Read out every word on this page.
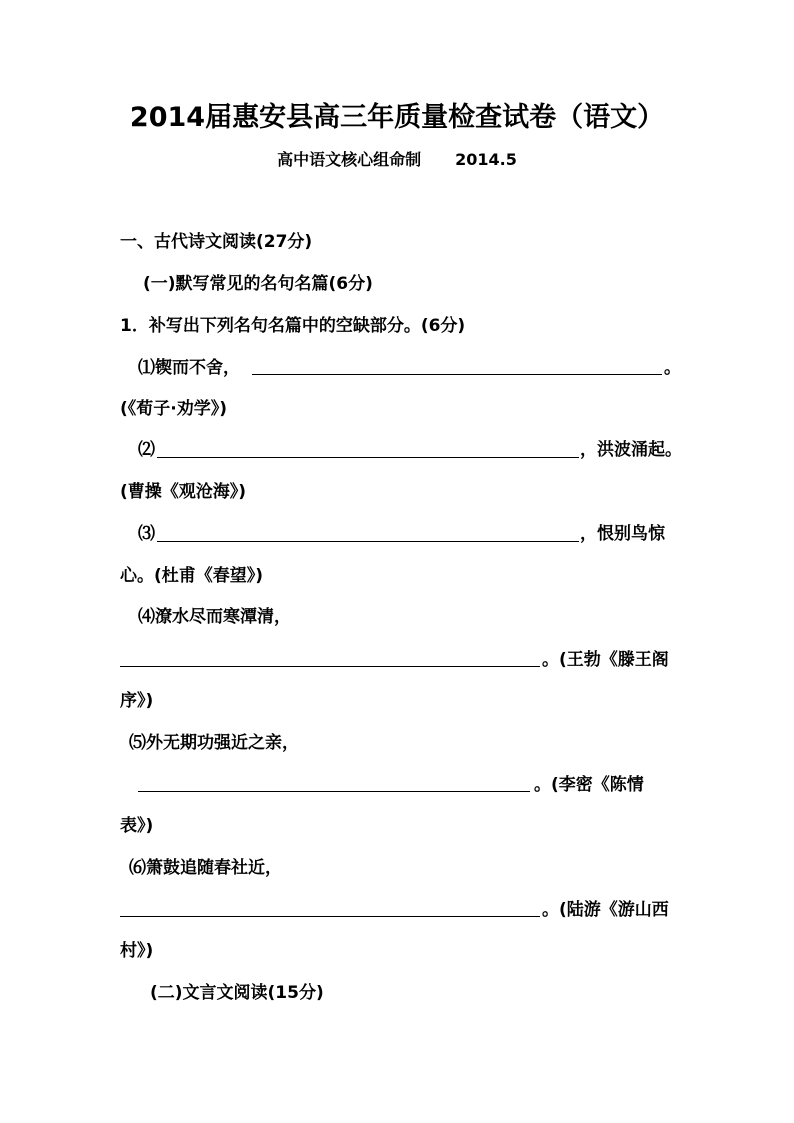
2014届惠安县高三年质量检查试卷（语文）
高中语文核心组命制 2014.5
一、古代诗文阅读(27分)
(一)默写常见的名句名篇(6分)
1．补写出下列名句名篇中的空缺部分。(6分)
⑴锲而不舍，	。
(《荀子·劝学》)
⑵	，洪波涌起。
(曹操《观沧海》)
⑶	，恨别鸟惊
心。(杜甫《春望》)
⑷潦水尽而寒潭清，
。(王勃《滕王阁
序》)
⑸外无期功强近之亲，
。(李密《陈情
表》)
⑹箫鼓追随春社近，
。(陆游《游山西
村》)
(二)文言文阅读(15分)
